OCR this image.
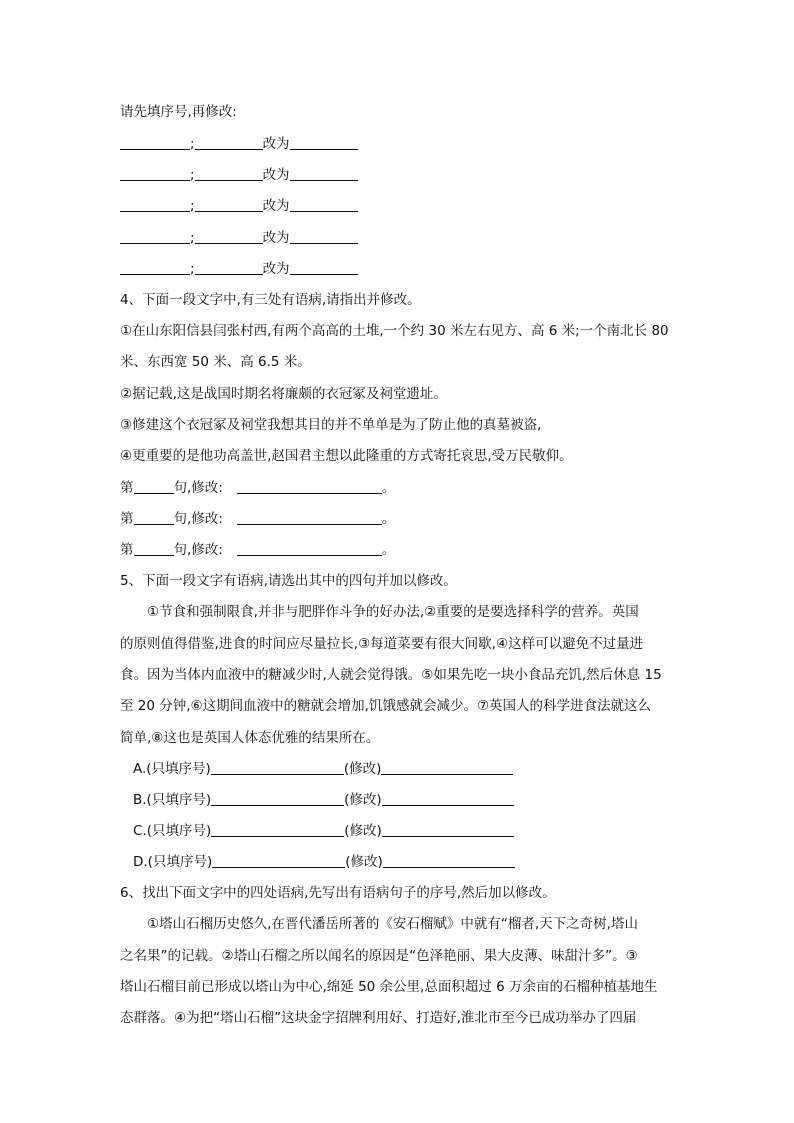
请先填序号,再修改:
;	改为
;	改为
;	改为
;	改为
;	改为
4、下面一段文字中,有三处有语病,请指出并修改。
①在山东阳信县闫张村西,有两个高高的土堆,一个约 30 米左右见方、高 6 米;一个南北长 80
米、东西宽 50 米、高 6.5 米。
②据记载,这是战国时期名将廉颇的衣冠冢及祠堂遗址。
③修建这个衣冠冢及祠堂我想其目的并不单单是为了防止他的真墓被盗,
④更重要的是他功高盖世,赵国君主想以此隆重的方式寄托哀思,受万民敬仰。
第	句,修改:	。
第	句,修改:	。
第	句,修改:	。
5、下面一段文字有语病,请选出其中的四句并加以修改。
①节食和强制限食,并非与肥胖作斗争的好办法,②重要的是要选择科学的营养。英国
的原则值得借鉴,进食的时间应尽量拉长,③每道菜要有很大间歇,④这样可以避免不过量进
食。因为当体内血液中的糖减少时,人就会觉得饿。⑤如果先吃一块小食品充饥,然后休息 15
至 20 分钟,⑥这期间血液中的糖就会增加,饥饿感就会减少。⑦英国人的科学进食法就这么
简单,⑧这也是英国人体态优雅的结果所在。
A.(只填序号)	(修改)
B.(只填序号)	(修改)
C.(只填序号)	(修改)
D.(只填序号)	(修改)
6、找出下面文字中的四处语病,先写出有语病句子的序号,然后加以修改。
①塔山石榴历史悠久,在晋代潘岳所著的《安石榴赋》中就有“榴者,天下之奇树,塔山
之名果”的记载。②塔山石榴之所以闻名的原因是“色泽艳丽、果大皮薄、味甜汁多”。③
塔山石榴目前已形成以塔山为中心,绵延 50 余公里,总面积超过 6 万余亩的石榴种植基地生
态群落。④为把“塔山石榴”这块金字招牌利用好、打造好,淮北市至今已成功举办了四届
